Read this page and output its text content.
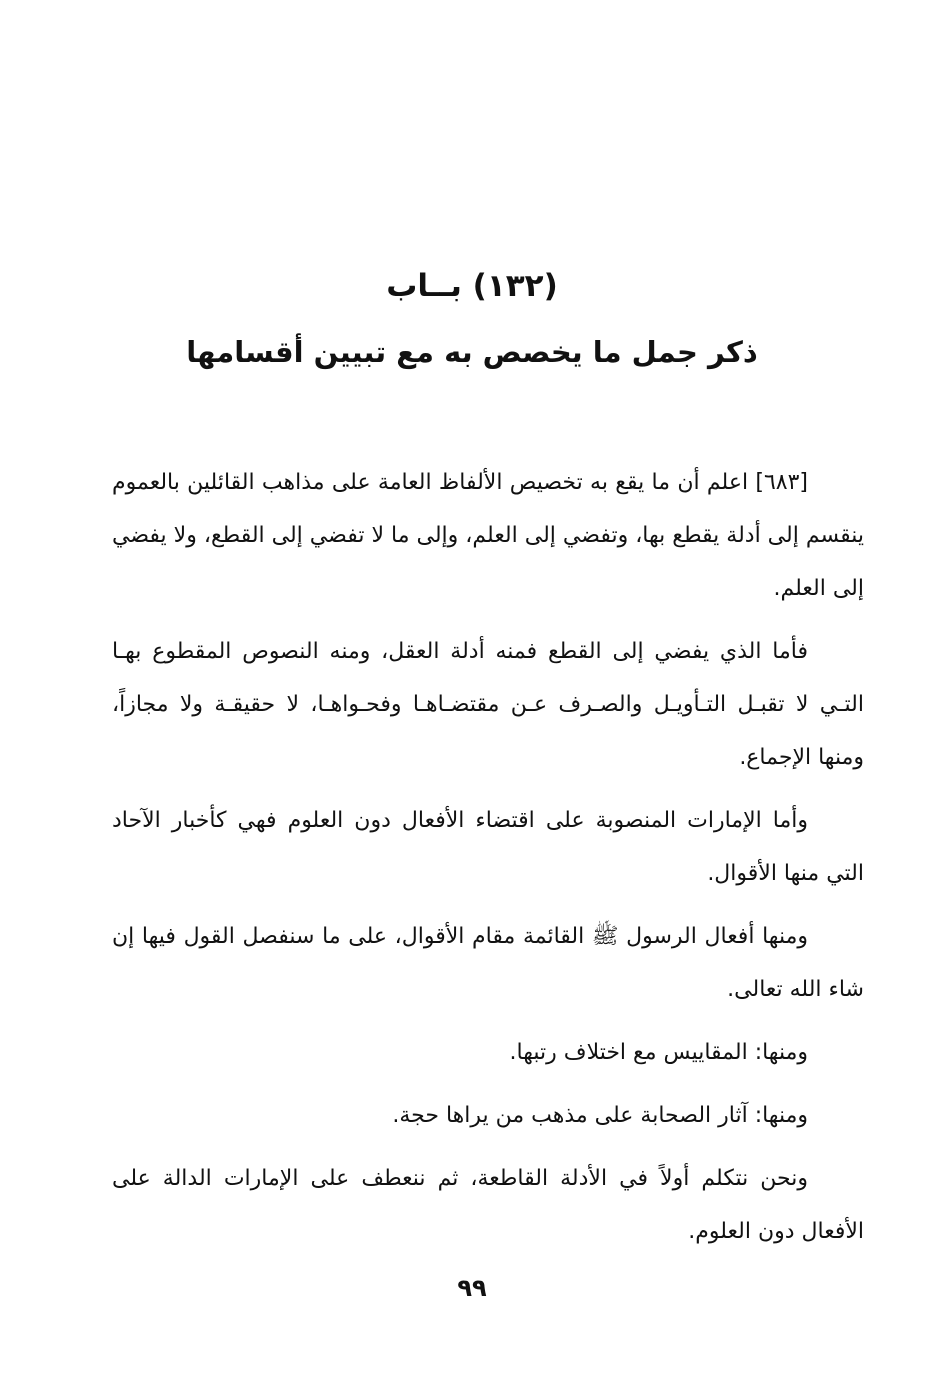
(١٣٢) بــاب
ذكر جمل ما يخصص به مع تبيين أقسامها

[٦٨٣] اعلم أن ما يقع به تخصيص الألفاظ العامة على مذاهب القائلين بالعموم ينقسم إلى أدلة يقطع بها، وتفضي إلى العلم، وإلى ما لا تفضي إلى القطع، ولا يفضي إلى العلم.

فأما الذي يفضي إلى القطع فمنه أدلة العقل، ومنه النصوص المقطوع بهـا التـي لا تقبـل التـأويـل والصـرف عـن مقتضـاهـا وفحـواهـا، لا حقيقـة ولا مجازاً، ومنها الإجماع.

وأما الإمارات المنصوبة على اقتضاء الأفعال دون العلوم فهي كأخبار الآحاد التي منها الأقوال.

ومنها أفعال الرسول ﷺ القائمة مقام الأقوال، على ما سنفصل القول فيها إن شاء الله تعالى.

ومنها: المقاييس مع اختلاف رتبها.

ومنها: آثار الصحابة على مذهب من يراها حجة.

ونحن نتكلم أولاً في الأدلة القاطعة، ثم ننعطف على الإمارات الدالة على الأفعال دون العلوم.

٩٩
